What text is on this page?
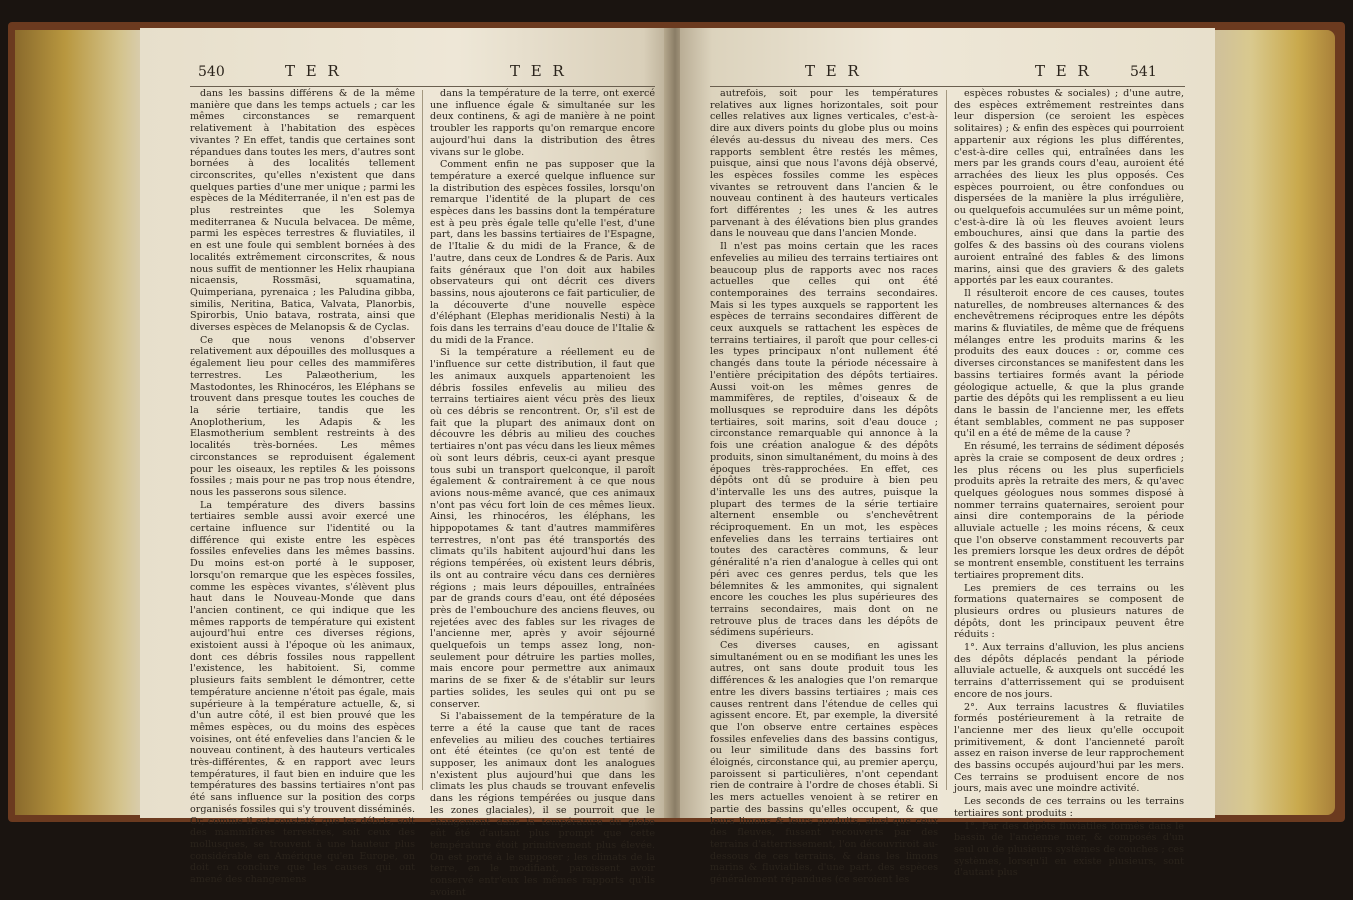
540	T E R	T E R

dans les bassins différens & de la même manière que dans les temps actuels ; car les mêmes circonstances se remarquent relativement à l'habitation des espèces vivantes ? En effet, tandis que certaines sont répandues dans toutes les mers, d'autres sont bornées à des localités tellement circonscrites, qu'elles n'existent que dans quelques parties d'une mer unique ; parmi les espèces de la Méditerranée, il n'en est pas de plus restreintes que les Solemya mediterranea & Nucula belvacea. De même, parmi les espèces terrestres & fluviatiles, il en est une foule qui semblent bornées à des localités extrêmement circonscrites, & nous nous suffit de mentionner les Helix rhaupiana nicaensis, Rossmäsi, squamatina, Quimperiana, pyrenaica ; les Paludina gibba, similis, Neritina, Batica, Valvata, Planorbis, Spirorbis, Unio batava, rostrata, ainsi que diverses espèces de Melanopsis & de Cyclas.

Ce que nous venons d'observer relativement aux dépouilles des mollusques a également lieu pour celles des mammifères terrestres. Les Palæotherium, les Mastodontes, les Rhinocéros, les Eléphans se trouvent dans presque toutes les couches de la série tertiaire, tandis que les Anoplotherium, les Adapis & les Elasmotherium semblent restreints à des localités très-bornées. Les mêmes circonstances se reproduisent également pour les oiseaux, les reptiles & les poissons fossiles ; mais pour ne pas trop nous étendre, nous les passerons sous silence.

La température des divers bassins tertiaires semble aussi avoir exercé une certaine influence sur l'identité ou la différence qui existe entre les espèces fossiles enfevelies dans les mêmes bassins. Du moins est-on porté à le supposer, lorsqu'on remarque que les espèces fossiles, comme les espèces vivantes, s'élèvent plus haut dans le Nouveau-Monde que dans l'ancien continent, ce qui indique que les mêmes rapports de température qui existent aujourd'hui entre ces diverses régions, existoient aussi à l'époque où les animaux, dont ces débris fossiles nous rappellent l'existence, les habitoient. Si, comme plusieurs faits semblent le démontrer, cette température ancienne n'étoit pas égale, mais supérieure à la température actuelle, &, si d'un autre côté, il est bien prouvé que les mêmes espèces, ou du moins des espèces voisines, ont été enfevelies dans l'ancien & le nouveau continent, à des hauteurs verticales très-différentes, & en rapport avec leurs températures, il faut bien en induire que les températures des bassins tertiaires n'ont pas été sans influence sur la position des corps organisés fossiles qui s'y trouvent disséminés. Or, comme il est constaté, que les débris, soit des mammifères terrestres, soit ceux des mollusques, se trouvent à une hauteur plus considérable en Amérique qu'en Europe, on doit en conclure que les causes qui ont amené des changemens

dans la température de la terre, ont exercé une influence égale & simultanée sur les deux continens, & agi de manière à ne point troubler les rapports qu'on remarque encore aujourd'hui dans la distribution des êtres vivans sur le globe.

Comment enfin ne pas supposer que la température a exercé quelque influence sur la distribution des espèces fossiles, lorsqu'on remarque l'identité de la plupart de ces espèces dans les bassins dont la température est à peu près égale telle qu'elle l'est, d'une part, dans les bassins tertiaires de l'Espagne, de l'Italie & du midi de la France, & de l'autre, dans ceux de Londres & de Paris. Aux faits généraux que l'on doit aux habiles observateurs qui ont décrit ces divers bassins, nous ajouterons ce fait particulier, de la découverte d'une nouvelle espèce d'éléphant (Elephas meridionalis Nesti) à la fois dans les terrains d'eau douce de l'Italie & du midi de la France.

Si la température a réellement eu de l'influence sur cette distribution, il faut que les animaux auxquels appartenoient les débris fossiles enfevelis au milieu des terrains tertiaires aient vécu près des lieux où ces débris se rencontrent. Or, s'il est de fait que la plupart des animaux dont on découvre les débris au milieu des couches tertiaires n'ont pas vécu dans les lieux mêmes où sont leurs débris, ceux-ci ayant presque tous subi un transport quelconque, il paroît également & contrairement à ce que nous avions nous-même avancé, que ces animaux n'ont pas vécu fort loin de ces mêmes lieux. Ainsi, les rhinocéros, les éléphans, les hippopotames & tant d'autres mammifères terrestres, n'ont pas été transportés des climats qu'ils habitent aujourd'hui dans les régions tempérées, où existent leurs débris, ils ont au contraire vécu dans ces dernières régions ; mais leurs dépouilles, entraînées par de grands cours d'eau, ont été déposées près de l'embouchure des anciens fleuves, ou rejetées avec des fables sur les rivages de l'ancienne mer, après y avoir séjourné quelquefois un temps assez long, non-seulement pour détruire les parties molles, mais encore pour permettre aux animaux marins de se fixer & de s'établir sur leurs parties solides, les seules qui ont pu se conserver.

Si l'abaissement de la température de la terre a été la cause que tant de races enfevelies au milieu des couches tertiaires ont été éteintes (ce qu'on est tenté de supposer, les animaux dont les analogues n'existent plus aujourd'hui que dans les climats les plus chauds se trouvant enfevelis dans les régions tempérées ou jusque dans les zones glaciales), il se pourroit que le changement dans la température du globe eût été d'autant plus prompt que cette température étoit primitivement plus élevée. On est porté à le supposer ; les climats de la terre, en le modifiant, paroissent avoir conservé entr'eux les mêmes rapports qu'ils avoient

T E R	T E R	541

autrefois, soit pour les températures relatives aux lignes horizontales, soit pour celles relatives aux lignes verticales, c'est-à-dire aux divers points du globe plus ou moins élevés au-dessus du niveau des mers. Ces rapports semblent être restés les mêmes, puisque, ainsi que nous l'avons déjà observé, les espèces fossiles comme les espèces vivantes se retrouvent dans l'ancien & le nouveau continent à des hauteurs verticales fort différentes ; les unes & les autres parvenant à des élévations bien plus grandes dans le nouveau que dans l'ancien Monde.

Il n'est pas moins certain que les races enfevelies au milieu des terrains tertiaires ont beaucoup plus de rapports avec nos races actuelles que celles qui ont été contemporaines des terrains secondaires. Mais si les types auxquels se rapportent les espèces de terrains secondaires diffèrent de ceux auxquels se rattachent les espèces de terrains tertiaires, il paroît que pour celles-ci les types principaux n'ont nullement été changés dans toute la période nécessaire à l'entière précipitation des dépôts tertiaires. Aussi voit-on les mêmes genres de mammifères, de reptiles, d'oiseaux & de mollusques se reproduire dans les dépôts tertiaires, soit marins, soit d'eau douce ; circonstance remarquable qui annonce à la fois une création analogue & des dépôts produits, sinon simultanément, du moins à des époques très-rapprochées. En effet, ces dépôts ont dû se produire à bien peu d'intervalle les uns des autres, puisque la plupart des termes de la série tertiaire alternent ensemble ou s'enchevêtrent réciproquement. En un mot, les espèces enfevelies dans les terrains tertiaires ont toutes des caractères communs, & leur généralité n'a rien d'analogue à celles qui ont péri avec ces genres perdus, tels que les bélemnites & les ammonites, qui signalent encore les couches les plus supérieures des terrains secondaires, mais dont on ne retrouve plus de traces dans les dépôts de sédimens supérieurs.

Ces diverses causes, en agissant simultanément ou en se modifiant les unes les autres, ont sans doute produit tous les différences & les analogies que l'on remarque entre les divers bassins tertiaires ; mais ces causes rentrent dans l'étendue de celles qui agissent encore. Et, par exemple, la diversité que l'on observe entre certaines espèces fossiles enfevelies dans des bassins contigus, ou leur similitude dans des bassins fort éloignés, circonstance qui, au premier aperçu, paroissent si particulières, n'ont cependant rien de contraire à l'ordre de choses établi. Si les mers actuelles venoient à se retirer en partie des bassins qu'elles occupent, & que leurs limons & leurs produits, ainsi que ceux des fleuves, fussent recouverts par des terrains d'atterrissement, l'on découvriroit au-dessous de ces terrains, & dans les limons marins & fluviatiles, d'une part, des espèces généralement répandues (ce seroient les

espèces robustes & sociales) ; d'une autre, des espèces extrêmement restreintes dans leur dispersion (ce seroient les espèces solitaires) ; & enfin des espèces qui pourroient appartenir aux régions les plus différentes, c'est-à-dire celles qui, entraînées dans les mers par les grands cours d'eau, auroient été arrachées des lieux les plus opposés. Ces espèces pourroient, ou être confondues ou dispersées de la manière la plus irrégulière, ou quelquefois accumulées sur un même point, c'est-à-dire là où les fleuves avoient leurs embouchures, ainsi que dans la partie des golfes & des bassins où des courans violens auroient entraîné des fables & des limons marins, ainsi que des graviers & des galets apportés par les eaux courantes.

Il résulteroit encore de ces causes, toutes naturelles, de nombreuses alternances & des enchevêtremens réciproques entre les dépôts marins & fluviatiles, de même que de fréquens mélanges entre les produits marins & les produits des eaux douces : or, comme ces diverses circonstances se manifestent dans les bassins tertiaires formés avant la période géologique actuelle, & que la plus grande partie des dépôts qui les remplissent a eu lieu dans le bassin de l'ancienne mer, les effets étant semblables, comment ne pas supposer qu'il en a été de même de la cause ?

En résumé, les terrains de sédiment déposés après la craie se composent de deux ordres ; les plus récens ou les plus superficiels produits après la retraite des mers, & qu'avec quelques géologues nous sommes disposé à nommer terrains quaternaires, seroient pour ainsi dire contemporains de la période alluviale actuelle ; les moins récens, & ceux que l'on observe constamment recouverts par les premiers lorsque les deux ordres de dépôt se montrent ensemble, constituent les terrains tertiaires proprement dits.

Les premiers de ces terrains ou les formations quaternaires se composent de plusieurs ordres ou plusieurs natures de dépôts, dont les principaux peuvent être réduits :

1°. Aux terrains d'alluvion, les plus anciens des dépôts déplacés pendant la période alluviale actuelle, & auxquels ont succédé les terrains d'atterrissement qui se produisent encore de nos jours.

2°. Aux terrains lacustres & fluviatiles formés postérieurement à la retraite de l'ancienne mer des lieux qu'elle occupoit primitivement, & dont l'ancienneté paroît assez en raison inverse de leur rapprochement des bassins occupés aujourd'hui par les mers. Ces terrains se produisent encore de nos jours, mais avec une moindre activité.

Les seconds de ces terrains ou les terrains tertiaires sont produits :

1°. Par des dépôts fluviatiles formés dans le bassin de l'ancienne mer, & composés d'un seul ou de plusieurs systèmes de couches ; ces systèmes, lorsqu'il en existe plusieurs, sont d'autant plus
